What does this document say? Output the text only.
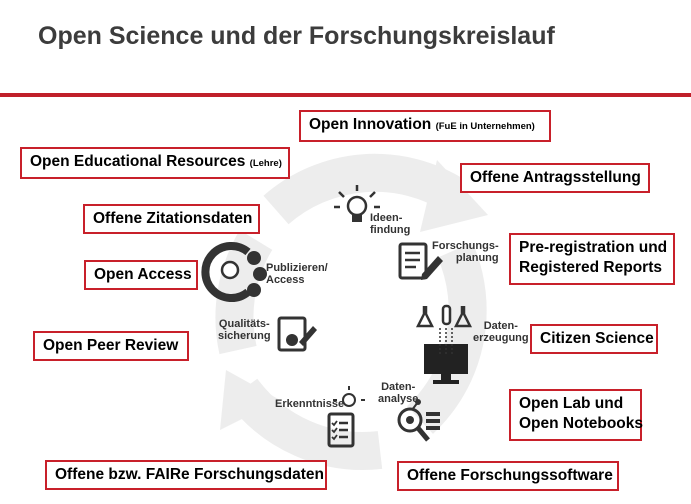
Open Science und der Forschungskreislauf
Ideen-
findung
Forschungs-
planung
Daten-
erzeugung
Daten-
analyse
Erkenntnisse
Qualitäts-
sicherung
Publizieren/
Access
Open Innovation (FuE in Unternehmen)
Open Educational Resources (Lehre)
Offene Antragsstellung
Offene Zitationsdaten
Pre-registration und
Registered Reports
Open Access
Open Peer Review	Citizen Science
Open Lab und
Open Notebooks
Offene bzw. FAIRe Forschungsdaten	Offene Forschungssoftware
